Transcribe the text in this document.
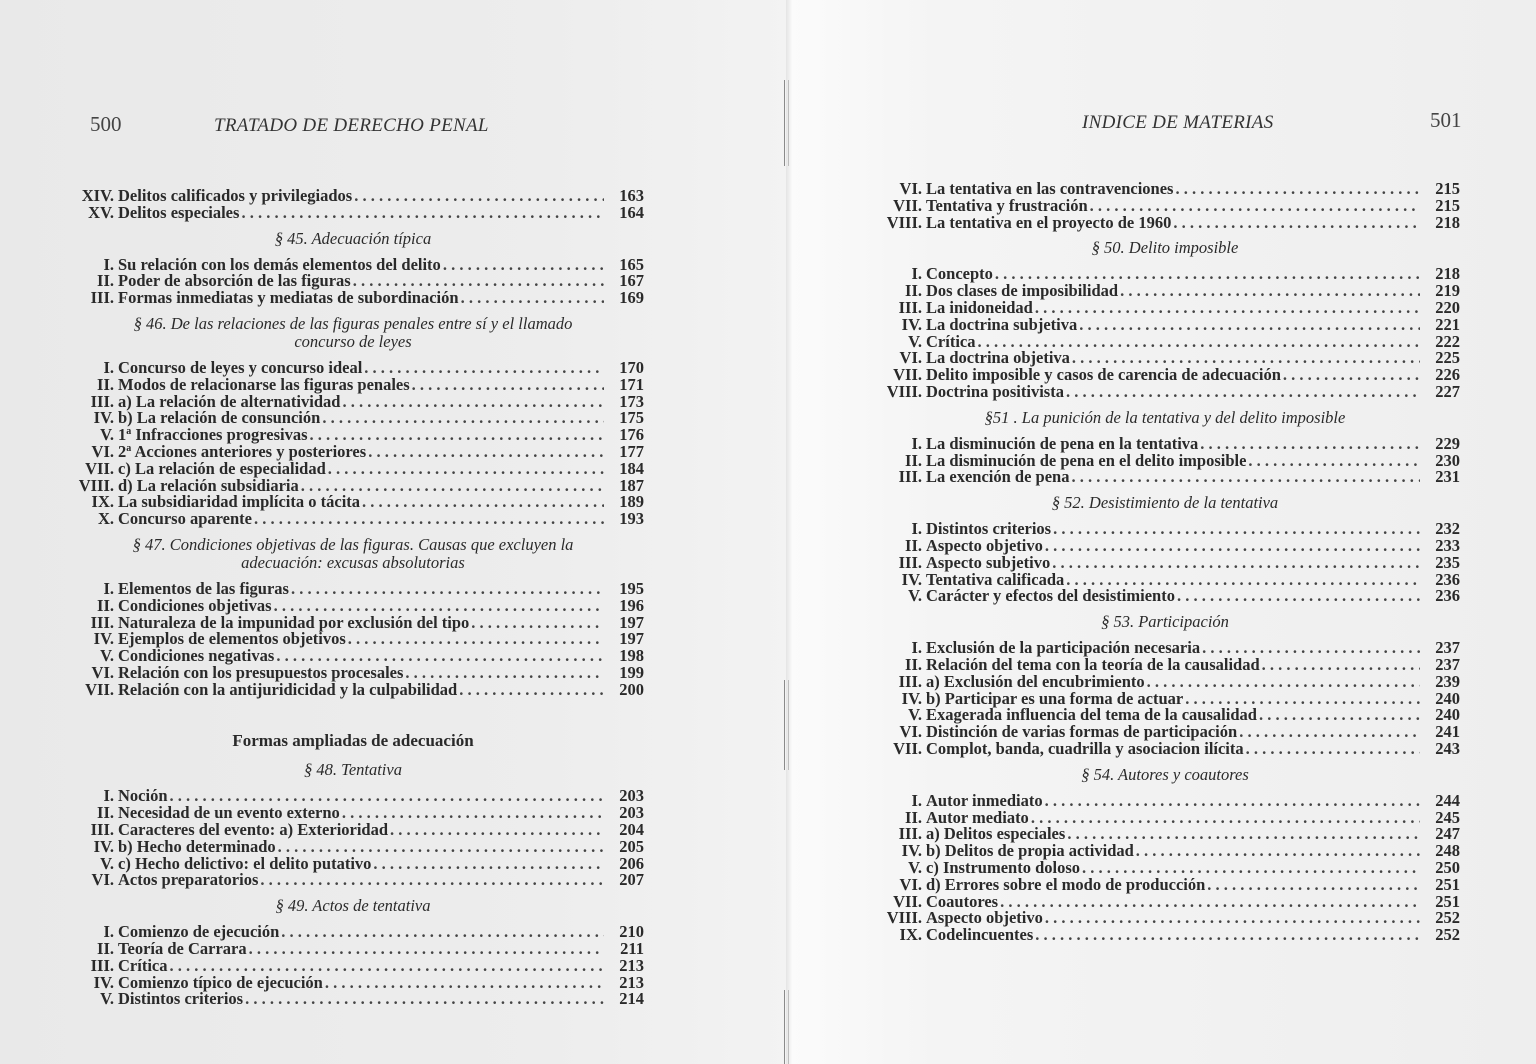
500	TRATADO DE DERECHO PENAL	INDICE DE MATERIAS	501
XIV. Delitos calificados y privilegiados . . .	163
XV. Delitos especiales . . .	164
§ 45. Adecuación típica
I. Su relación con los demás elementos del delito . . .	165
II. Poder de absorción de las figuras . . .	167
III. Formas inmediatas y mediatas de subordinación . . .	169
§ 46. De las relaciones de las figuras penales entre sí y el llamado concurso de leyes
I. Concurso de leyes y concurso ideal . . .	170
II. Modos de relacionarse las figuras penales . . .	171
III. a) La relación de alternatividad . . .	173
IV. b) La relación de consunción . . .	175
V. 1$^a$ Infracciones progresivas . . .	176
VI. 2$^a$ Acciones anteriores y posteriores . . .	177
VII. c) La relación de especialidad . . .	184
VIII. d) La relación subsidiaria . . .	187
IX. La subsidiaridad implícita o tácita . . .	189
X. Concurso aparente . . .	193
§ 47. Condiciones objetivas de las figuras. Causas que excluyen la adecuación: excusas absolutorias
I. Elementos de las figuras . . .	195
II. Condiciones objetivas . . .	196
III. Naturaleza de la impunidad por exclusión del tipo . . .	197
IV. Ejemplos de elementos objetivos . . .	197
V. Condiciones negativas . . .	198
VI. Relación con los presupuestos procesales . . .	199
VII. Relación con la antijuridicidad y la culpabilidad . . .	200
Formas ampliadas de adecuación
§ 48. Tentativa
I. Noción . . .	203
II. Necesidad de un evento externo . . .	203
III. Caracteres del evento: a) Exterioridad . . .	204
IV. b) Hecho determinado . . .	205
V. c) Hecho delictivo: el delito putativo . . .	206
VI. Actos preparatorios . . .	207
§ 49. Actos de tentativa
I. Comienzo de ejecución . . .	210
II. Teoría de Carrara . . .	211
III. Crítica . . .	213
IV. Comienzo típico de ejecución . . .	213
V. Distintos criterios . . .	214
VI. La tentativa en las contravenciones . . .	215
VII. Tentativa y frustración . . .	215
VIII. La tentativa en el proyecto de 1960 . . .	218
§ 50. Delito imposible
I. Concepto . . .	218
II. Dos clases de imposibilidad . . .	219
III. La inidoneidad . . .	220
IV. La doctrina subjetiva . . .	221
V. Crítica . . .	222
VI. La doctrina objetiva . . .	225
VII. Delito imposible y casos de carencia de adecuación . . .	226
VIII. Doctrina positivista . . .	227
§51 . La punición de la tentativa y del delito imposible
I. La disminución de pena en la tentativa . . .	229
II. La disminución de pena en el delito imposible . . .	230
III. La exención de pena . . .	231
§ 52. Desistimiento de la tentativa
I. Distintos criterios . . .	232
II. Aspecto objetivo . . .	233
III. Aspecto subjetivo . . .	235
IV. Tentativa calificada . . .	236
V. Carácter y efectos del desistimiento . . .	236
§ 53. Participación
I. Exclusión de la participación necesaria . . .	237
II. Relación del tema con la teoría de la causalidad . . .	237
III. a) Exclusión del encubrimiento . . .	239
IV. b) Participar es una forma de actuar . . .	240
V. Exagerada influencia del tema de la causalidad . . .	240
VI. Distinción de varias formas de participación . . .	241
VII. Complot, banda, cuadrilla y asociacion ilícita . . .	243
§ 54. Autores y coautores
I. Autor inmediato . . .	244
II. Autor mediato . . .	245
III. a) Delitos especiales . . .	247
IV. b) Delitos de propia actividad . . .	248
V. c) Instrumento doloso . . .	250
VI. d) Errores sobre el modo de producción . . .	251
VII. Coautores . . .	251
VIII. Aspecto objetivo . . .	252
IX. Codelincuentes . . .	252
